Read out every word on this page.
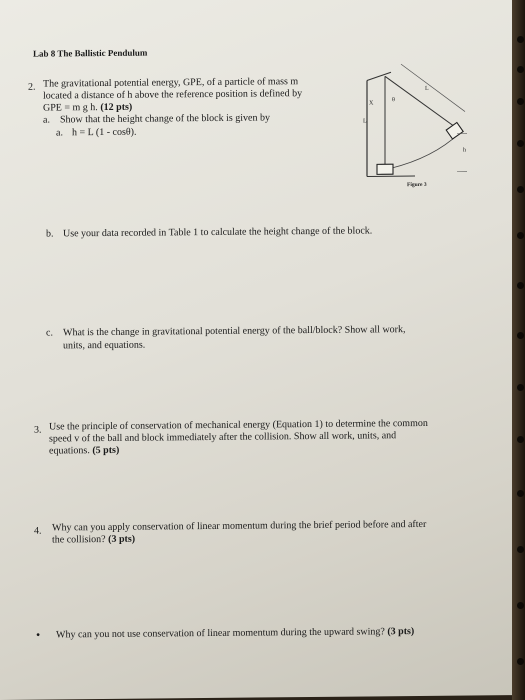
Lab 8 The Ballistic Pendulum
2. The gravitational potential energy, GPE, of a particle of mass m
located a distance of h above the reference position is defined by
GPE = m g h. (12 pts)
a. Show that the height change of the block is given by
a. h = L (1 - cosθ).
X
θ
L
L
h
Figure 3
b. Use your data recorded in Table 1 to calculate the height change of the block.
c. What is the change in gravitational potential energy of the ball/block? Show all work,
units, and equations.
3. Use the principle of conservation of mechanical energy (Equation 1) to determine the common
speed v of the ball and block immediately after the collision. Show all work, units, and
equations. (5 pts)
4. Why can you apply conservation of linear momentum during the brief period before and after
the collision? (3 pts)
• Why can you not use conservation of linear momentum during the upward swing? (3 pts)
